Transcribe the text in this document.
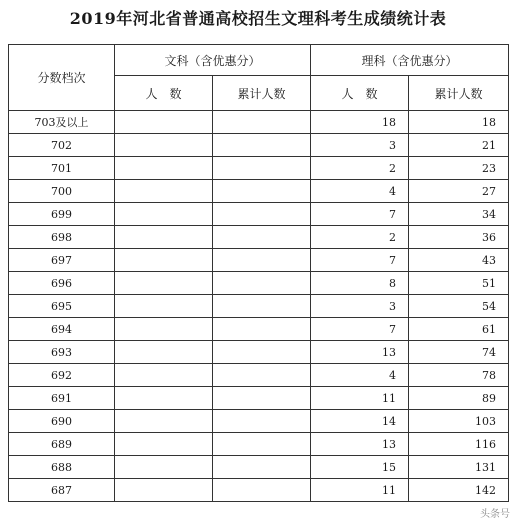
2019年河北省普通高校招生文理科考生成绩统计表
分数档次	文科（含优惠分）		理科（含优惠分）	
	人　数	累计人数	人　数	累计人数
703及以上			18	18
702			3	21
701			2	23
700			4	27
699			7	34
698			2	36
697			7	43
696			8	51
695			3	54
694			7	61
693			13	74
692			4	78
691			11	89
690			14	103
689			13	116
688			15	131
687			11	142
头条号
